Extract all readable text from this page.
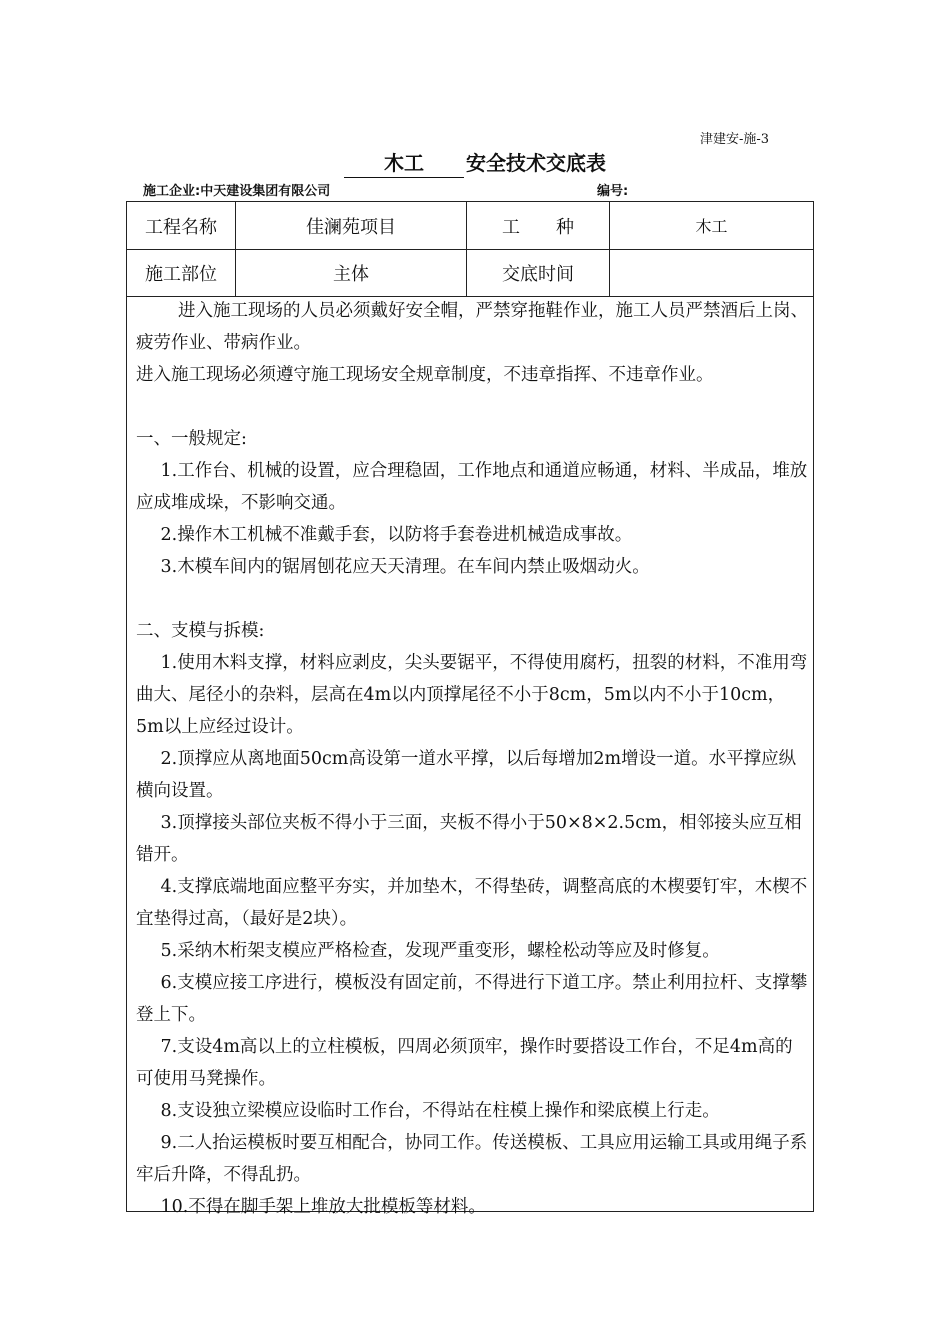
津建安-施-3
木工 安全技术交底表
施工企业:中天建设集团有限公司	编号:
工程名称	佳澜苑项目	工　　种	木工
施工部位	主体	交底时间

进入施工现场的人员必须戴好安全帽，严禁穿拖鞋作业，施工人员严禁酒后上岗、疲劳作业、带病作业。

进入施工现场必须遵守施工现场安全规章制度，不违章指挥、不违章作业。

一、一般规定:

1.工作台、机械的设置，应合理稳固，工作地点和通道应畅通，材料、半成品，堆放应成堆成垛，不影响交通。

2.操作木工机械不准戴手套，以防将手套卷进机械造成事故。

3.木模车间内的锯屑刨花应天天清理。在车间内禁止吸烟动火。

二、支模与拆模:

1.使用木料支撑，材料应剥皮，尖头要锯平，不得使用腐朽，扭裂的材料，不准用弯曲大、尾径小的杂料，层高在4m以内顶撑尾径不小于8cm，5m以内不小于10cm，5m以上应经过设计。

2.顶撑应从离地面50cm高设第一道水平撑，以后每增加2m增设一道。水平撑应纵横向设置。

3.顶撑接头部位夹板不得小于三面，夹板不得小于50×8×2.5cm，相邻接头应互相错开。

4.支撑底端地面应整平夯实，并加垫木，不得垫砖，调整高底的木楔要钉牢，木楔不宜垫得过高，（最好是2块）。

5.采纳木桁架支模应严格检查，发现严重变形，螺栓松动等应及时修复。

6.支模应接工序进行，模板没有固定前，不得进行下道工序。禁止利用拉杆、支撑攀登上下。

7.支设4m高以上的立柱模板，四周必须顶牢，操作时要搭设工作台，不足4m高的可使用马凳操作。

8.支设独立梁模应设临时工作台，不得站在柱模上操作和梁底模上行走。

9.二人抬运模板时要互相配合，协同工作。传送模板、工具应用运输工具或用绳子系牢后升降，不得乱扔。

10.不得在脚手架上堆放大批模板等材料。
